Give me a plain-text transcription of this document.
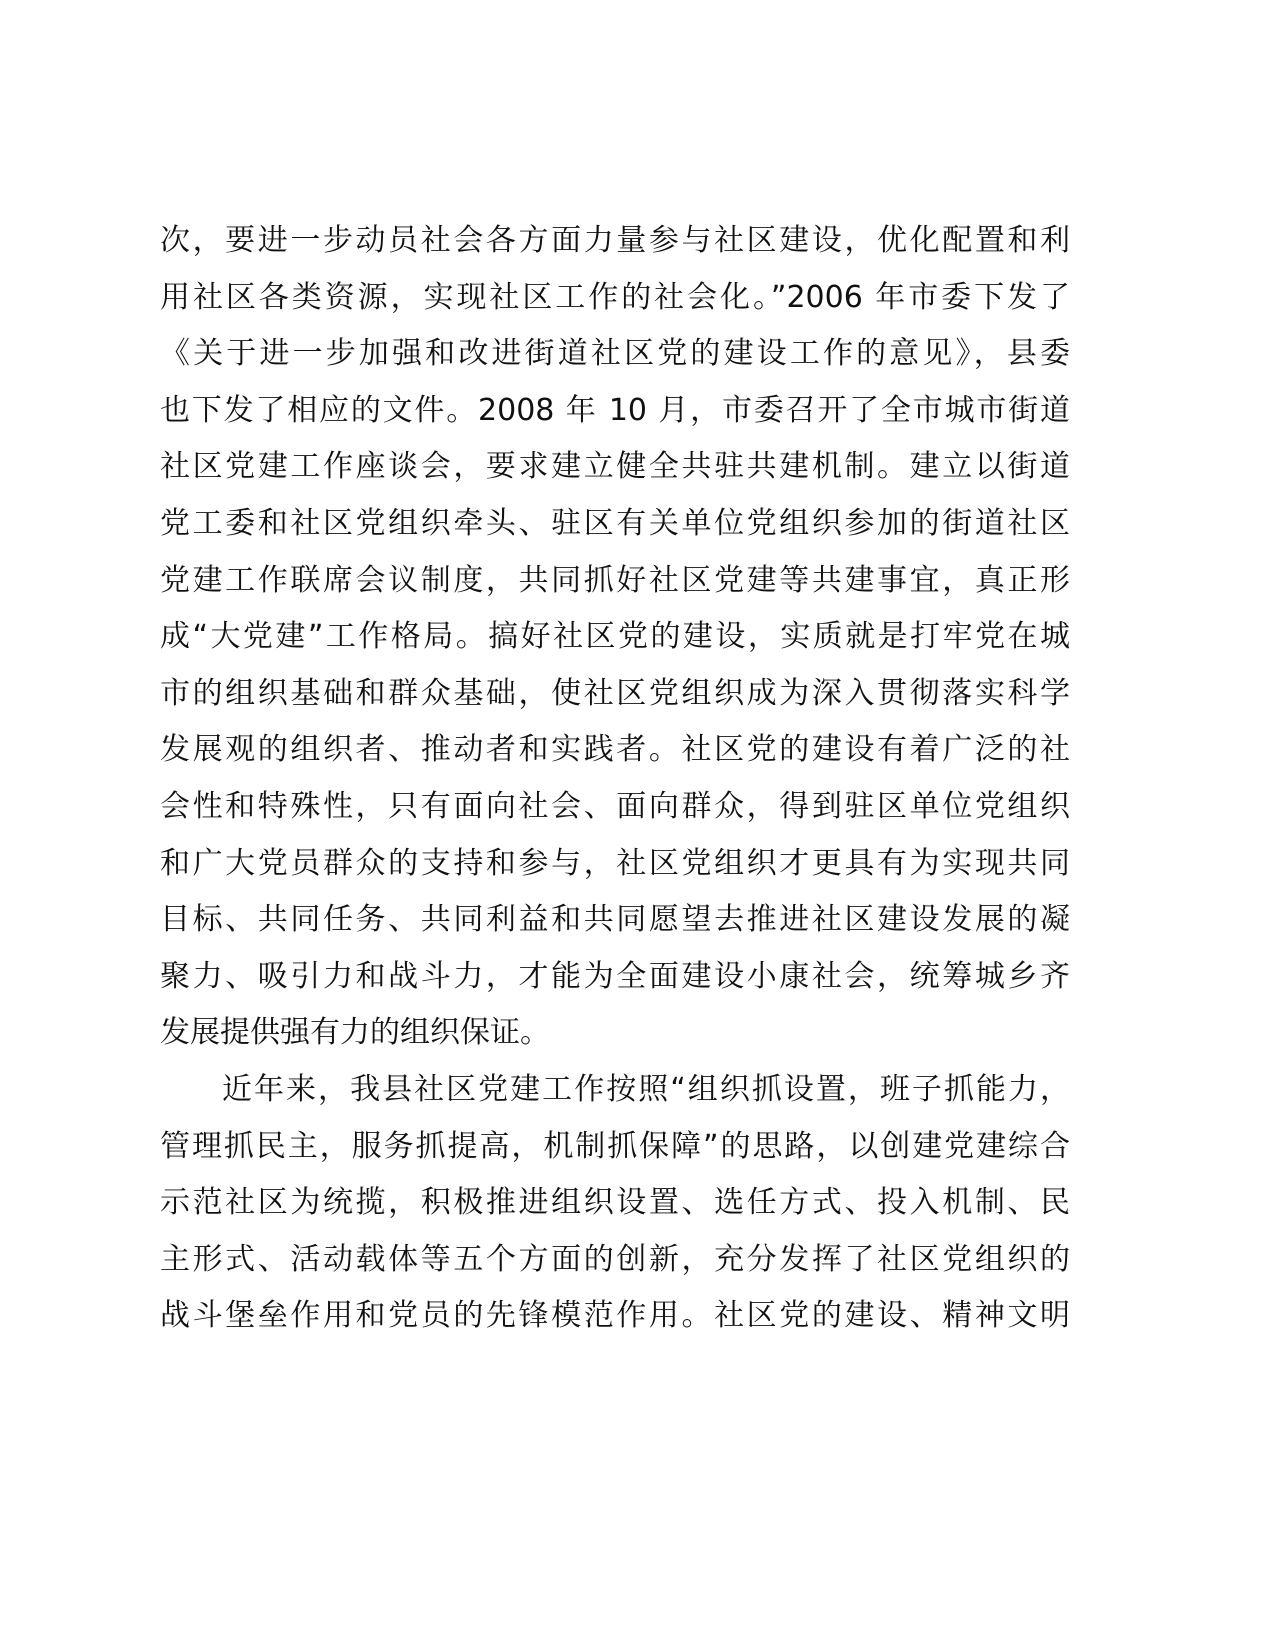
次，要进一步动员社会各方面力量参与社区建设，优化配置和利
用社区各类资源，实现社区工作的社会化。”2006 年市委下发了
《关于进一步加强和改进街道社区党的建设工作的意见》，县委
也下发了相应的文件。2008 年 10 月，市委召开了全市城市街道
社区党建工作座谈会，要求建立健全共驻共建机制。建立以街道
党工委和社区党组织牵头、驻区有关单位党组织参加的街道社区
党建工作联席会议制度，共同抓好社区党建等共建事宜，真正形
成“大党建”工作格局。搞好社区党的建设，实质就是打牢党在城
市的组织基础和群众基础，使社区党组织成为深入贯彻落实科学
发展观的组织者、推动者和实践者。社区党的建设有着广泛的社
会性和特殊性，只有面向社会、面向群众，得到驻区单位党组织
和广大党员群众的支持和参与，社区党组织才更具有为实现共同
目标、共同任务、共同利益和共同愿望去推进社区建设发展的凝
聚力、吸引力和战斗力，才能为全面建设小康社会，统筹城乡齐
发展提供强有力的组织保证。
近年来，我县社区党建工作按照“组织抓设置，班子抓能力，
管理抓民主，服务抓提高，机制抓保障”的思路，以创建党建综合
示范社区为统揽，积极推进组织设置、选任方式、投入机制、民
主形式、活动载体等五个方面的创新，充分发挥了社区党组织的
战斗堡垒作用和党员的先锋模范作用。社区党的建设、精神文明
